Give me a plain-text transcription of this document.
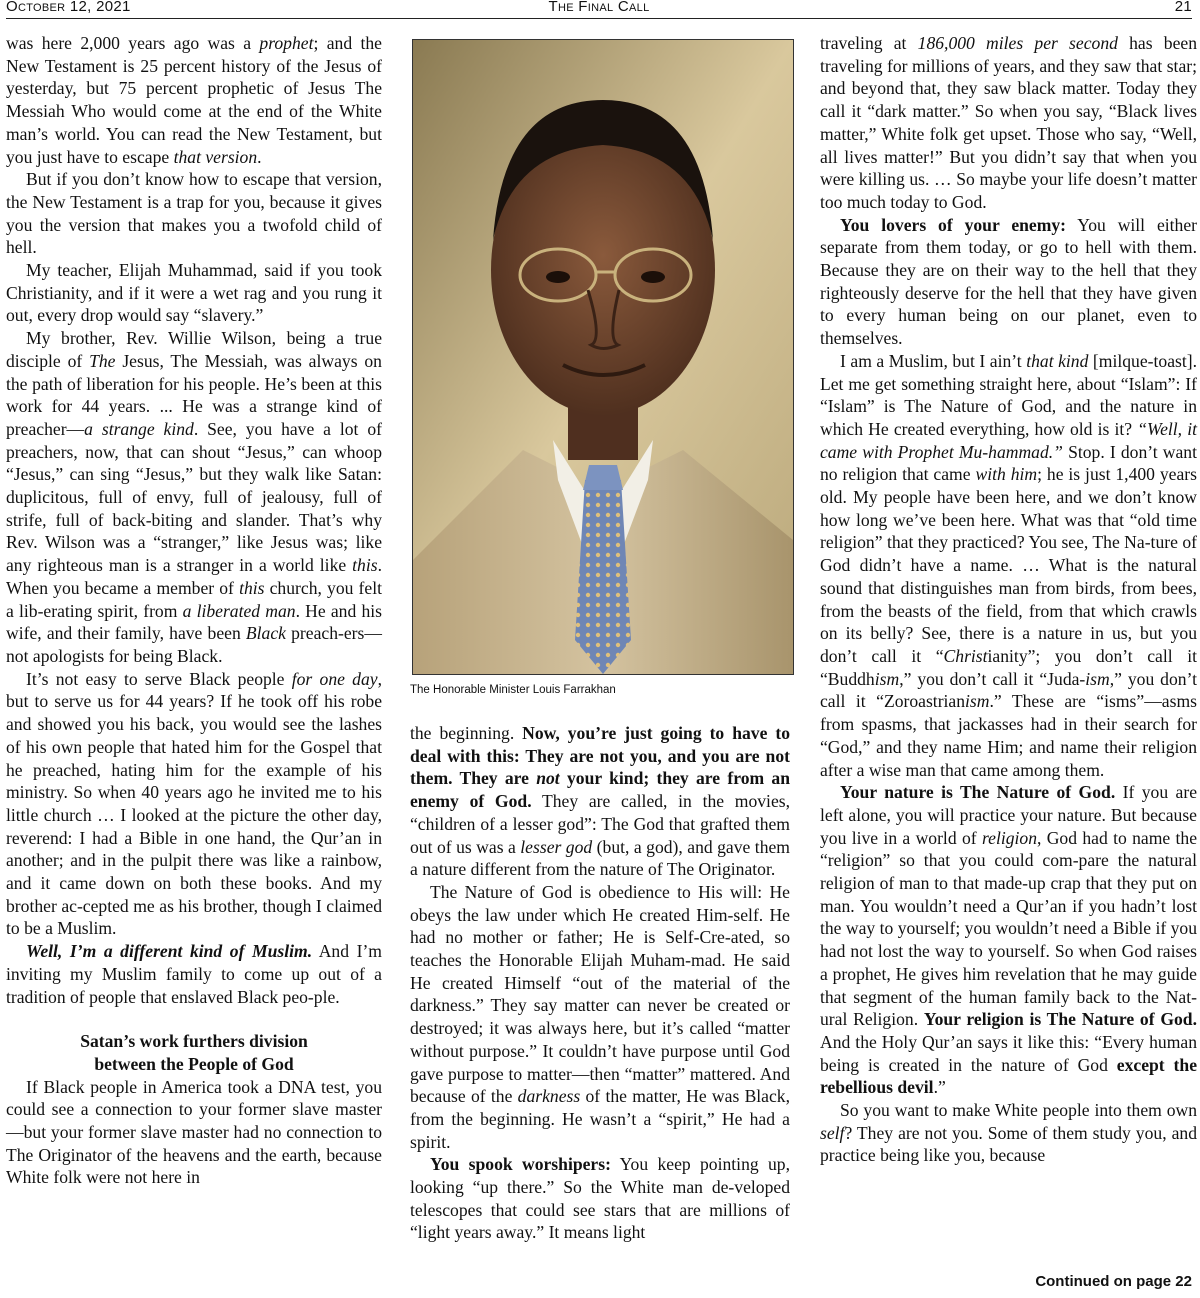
October 12, 2021	The Final Call	21

was here 2,000 years ago was a prophet; and the New Testament is 25 percent history of the Jesus of yesterday, but 75 percent prophetic of Jesus The Messiah Who would come at the end of the White man’s world. You can read the New Testament, but you just have to escape that version.

But if you don’t know how to escape that version, the New Testament is a trap for you, because it gives you the version that makes you a twofold child of hell.

My teacher, Elijah Muhammad, said if you took Christianity, and if it were a wet rag and you rung it out, every drop would say “slavery.”

My brother, Rev. Willie Wilson, being a true disciple of The Jesus, The Messiah, was always on the path of liberation for his people. He’s been at this work for 44 years. ... He was a strange kind of preacher—a strange kind. See, you have a lot of preachers, now, that can shout “Jesus,” can whoop “Jesus,” can sing “Jesus,” but they walk like Satan: duplicitous, full of envy, full of jealousy, full of strife, full of back-biting and slander. That’s why Rev. Wilson was a “stranger,” like Jesus was; like any righteous man is a stranger in a world like this. When you became a member of this church, you felt a lib-erating spirit, from a liberated man. He and his wife, and their family, have been Black preach-ers—not apologists for being Black.

It’s not easy to serve Black people for one day, but to serve us for 44 years? If he took off his robe and showed you his back, you would see the lashes of his own people that hated him for the Gospel that he preached, hating him for the example of his ministry. So when 40 years ago he invited me to his little church … I looked at the picture the other day, reverend: I had a Bible in one hand, the Qur’an in another; and in the pulpit there was like a rainbow, and it came down on both these books. And my brother ac-cepted me as his brother, though I claimed to be a Muslim.

Well, I’m a different kind of Muslim. And I’m inviting my Muslim family to come up out of a tradition of people that enslaved Black peo-ple.

Satan’s work furthers division
between the People of God

If Black people in America took a DNA test, you could see a connection to your former slave master—but your former slave master had no connection to The Originator of the heavens and the earth, because White folk were not here in

The Honorable Minister Louis Farrakhan

the beginning. Now, you’re just going to have to deal with this: They are not you, and you are not them. They are not your kind; they are from an enemy of God. They are called, in the movies, “children of a lesser god”: The God that grafted them out of us was a lesser god (but, a god), and gave them a nature different from the nature of The Originator.

The Nature of God is obedience to His will: He obeys the law under which He created Him-self. He had no mother or father; He is Self-Cre-ated, so teaches the Honorable Elijah Muham-mad. He said He created Himself “out of the material of the darkness.” They say matter can never be created or destroyed; it was always here, but it’s called “matter without purpose.” It couldn’t have purpose until God gave purpose to matter—then “matter” mattered. And because of the darkness of the matter, He was Black, from the beginning. He wasn’t a “spirit,” He had a spirit.

You spook worshipers: You keep pointing up, looking “up there.” So the White man de-veloped telescopes that could see stars that are millions of “light years away.” It means light

traveling at 186,000 miles per second has been traveling for millions of years, and they saw that star; and beyond that, they saw black matter. Today they call it “dark matter.” So when you say, “Black lives matter,” White folk get upset. Those who say, “Well, all lives matter!” But you didn’t say that when you were killing us. … So maybe your life doesn’t matter too much today to God.

You lovers of your enemy: You will either separate from them today, or go to hell with them. Because they are on their way to the hell that they righteously deserve for the hell that they have given to every human being on our planet, even to themselves.

I am a Muslim, but I ain’t that kind [milque-toast]. Let me get something straight here, about “Islam”: If “Islam” is The Nature of God, and the nature in which He created everything, how old is it? “Well, it came with Prophet Mu-hammad.” Stop. I don’t want no religion that came with him; he is just 1,400 years old. My people have been here, and we don’t know how long we’ve been here. What was that “old time religion” that they practiced? You see, The Na-ture of God didn’t have a name. … What is the natural sound that distinguishes man from birds, from bees, from the beasts of the field, from that which crawls on its belly? See, there is a nature in us, but you don’t call it “Christianity”; you don’t call it “Buddhism,” you don’t call it “Juda-ism,” you don’t call it “Zoroastrianism.” These are “isms”—asms from spasms, that jackasses had in their search for “God,” and they name Him; and name their religion after a wise man that came among them.

Your nature is The Nature of God. If you are left alone, you will practice your nature. But because you live in a world of religion, God had to name the “religion” so that you could com-pare the natural religion of man to that made-up crap that they put on man. You wouldn’t need a Qur’an if you hadn’t lost the way to yourself; you wouldn’t need a Bible if you had not lost the way to yourself. So when God raises a prophet, He gives him revelation that he may guide that segment of the human family back to the Nat-ural Religion. Your religion is The Nature of God. And the Holy Qur’an says it like this: “Every human being is created in the nature of God except the rebellious devil.”

So you want to make White people into them own self? They are not you. Some of them study you, and practice being like you, because

Continued on page 22
